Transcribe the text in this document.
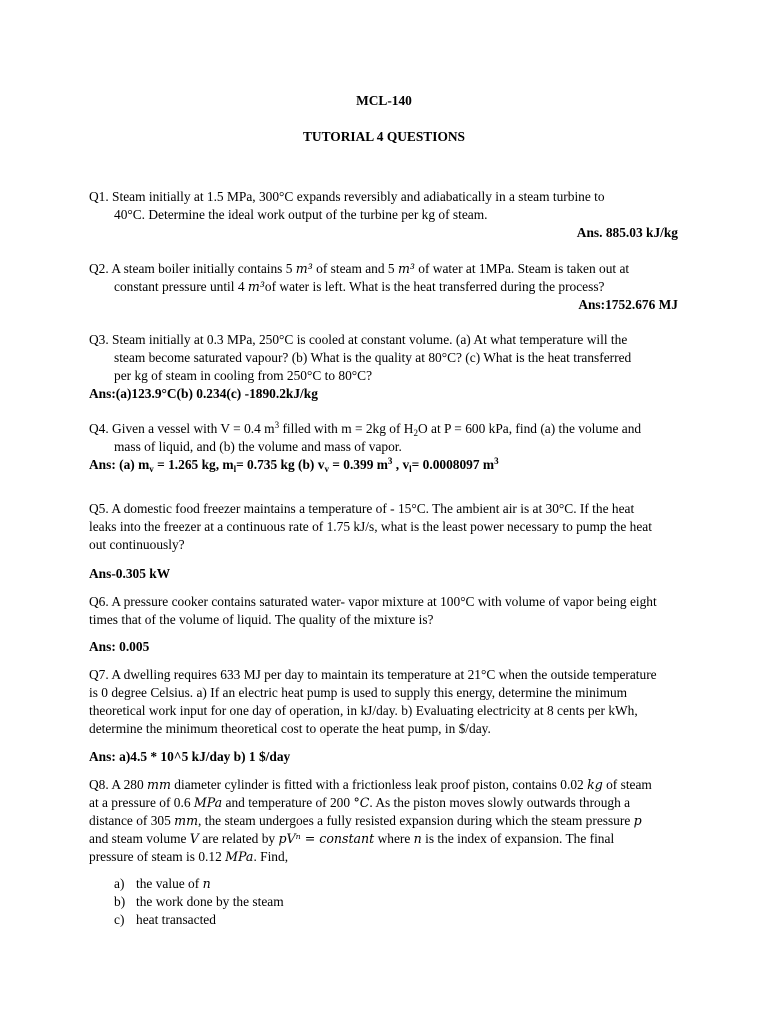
MCL-140
TUTORIAL 4 QUESTIONS
Q1. Steam initially at 1.5 MPa, 300°C expands reversibly and adiabatically in a steam turbine to
40°C. Determine the ideal work output of the turbine per kg of steam.
Ans. 885.03 kJ/kg
Q2. A steam boiler initially contains 5 m³ of steam and 5 m³ of water at 1MPa. Steam is taken out at
constant pressure until 4 m³of water is left. What is the heat transferred during the process?
Ans:1752.676 MJ
Q3. Steam initially at 0.3 MPa, 250°C is cooled at constant volume. (a) At what temperature will the
steam become saturated vapour? (b) What is the quality at 80°C? (c) What is the heat transferred
per kg of steam in cooling from 250°C to 80°C?
Ans:(a)123.9°C(b) 0.234(c) -1890.2kJ/kg
Q4. Given a vessel with V = 0.4 $m^3$ filled with m = 2kg of $H_2O$ at P = 600 kPa, find (a) the volume and
mass of liquid, and (b) the volume and mass of vapor.
Ans: (a) $m_v = 1.265$ kg, $m_l= 0.735$ kg (b) $v_v = 0.399$ $m^3$ , $v_l= 0.0008097$ $m^3$
Q5. A domestic food freezer maintains a temperature of - 15°C. The ambient air is at 30°C. If the heat
leaks into the freezer at a continuous rate of 1.75 kJ/s, what is the least power necessary to pump the heat
out continuously?
Ans-0.305 kW
Q6. A pressure cooker contains saturated water- vapor mixture at 100°C with volume of vapor being eight
times that of the volume of liquid. The quality of the mixture is?
Ans: 0.005
Q7. A dwelling requires 633 MJ per day to maintain its temperature at 21°C when the outside temperature
is 0 degree Celsius. a) If an electric heat pump is used to supply this energy, determine the minimum
theoretical work input for one day of operation, in kJ/day. b) Evaluating electricity at 8 cents per kWh,
determine the minimum theoretical cost to operate the heat pump, in $/day.
Ans: a)4.5 * 10^5 kJ/day b) 1 $/day
Q8. A 280 mm diameter cylinder is fitted with a frictionless leak proof piston, contains 0.02 kg of steam
at a pressure of 0.6 MPa and temperature of 200 °C. As the piston moves slowly outwards through a
distance of 305 mm, the steam undergoes a fully resisted expansion during which the steam pressure p
and steam volume V are related by pVⁿ = constant where n is the index of expansion. The final
pressure of steam is 0.12 MPa. Find,
a) the value of n
b) the work done by the steam
c) heat transacted
